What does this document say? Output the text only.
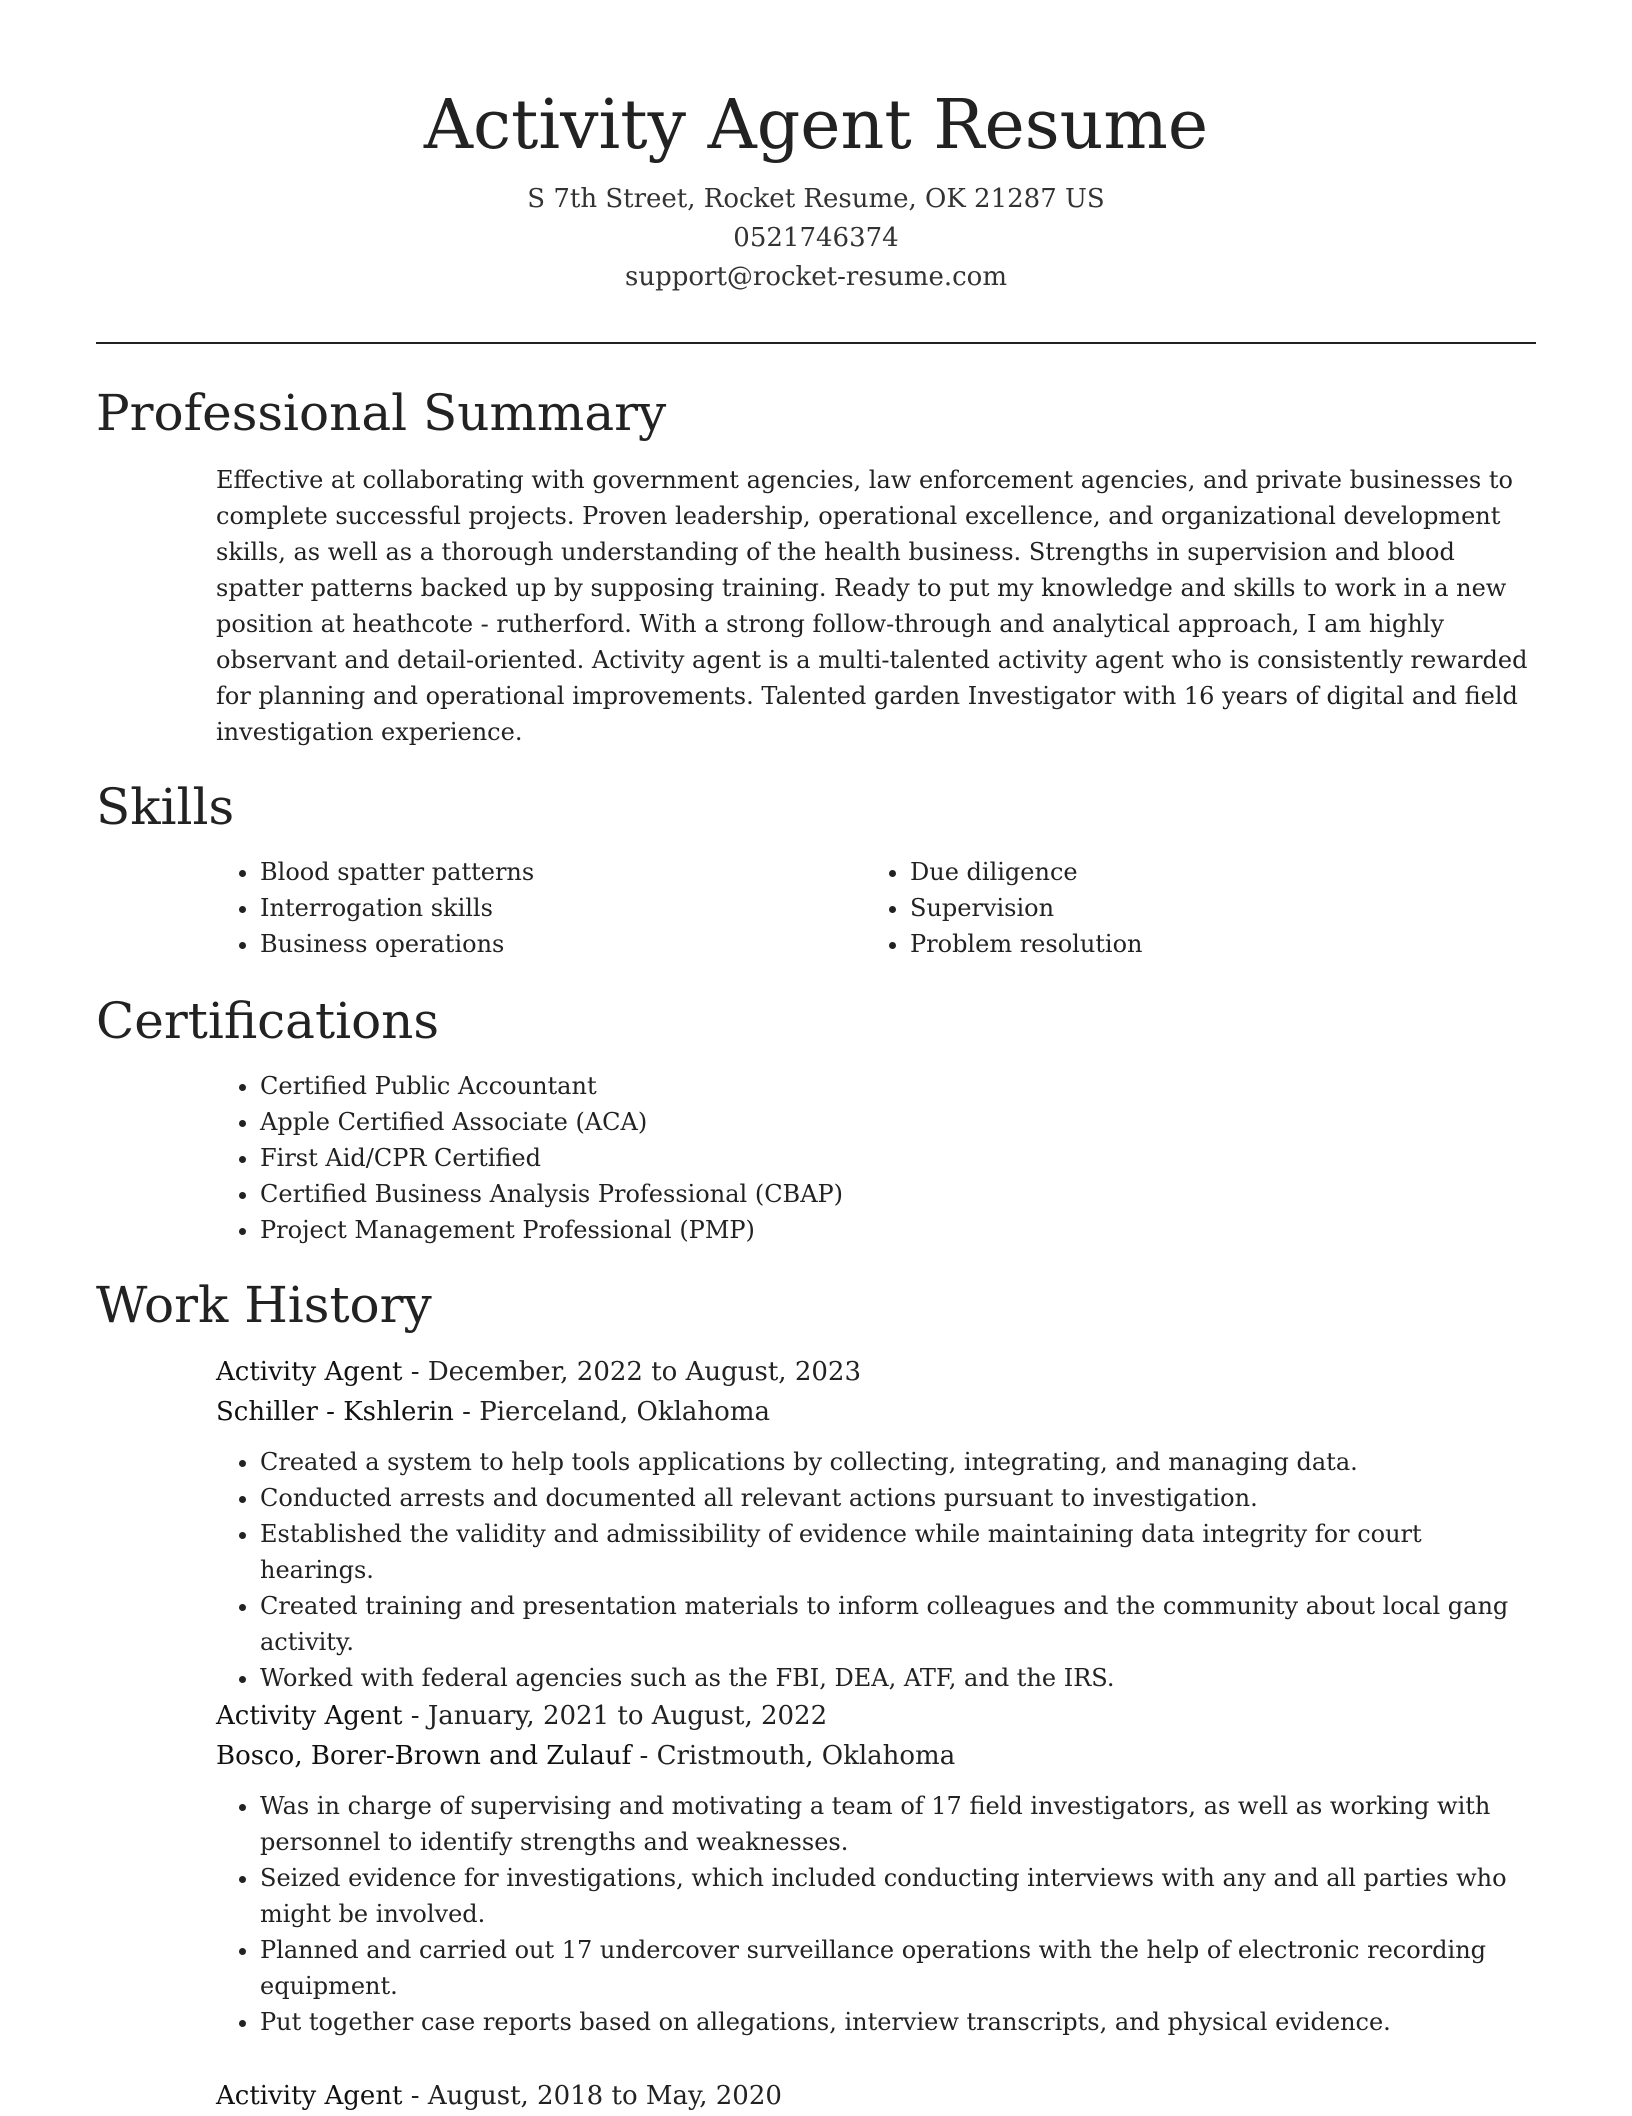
Activity Agent Resume
S 7th Street, Rocket Resume, OK 21287 US
0521746374
support@rocket-resume.com
Professional Summary

Effective at collaborating with government agencies, law enforcement agencies, and private businesses to complete successful projects. Proven leadership, operational excellence, and organizational development skills, as well as a thorough understanding of the health business. Strengths in supervision and blood spatter patterns backed up by supposing training. Ready to put my knowledge and skills to work in a new position at heathcote - rutherford. With a strong follow-through and analytical approach, I am highly observant and detail-oriented. Activity agent is a multi-talented activity agent who is consistently rewarded for planning and operational improvements. Talented garden Investigator with 16 years of digital and field investigation experience.

Skills
• Blood spatter patterns
• Interrogation skills
• Business operations
• Due diligence
• Supervision
• Problem resolution
Certifications
• Certified Public Accountant
• Apple Certified Associate (ACA)
• First Aid/CPR Certified
• Certified Business Analysis Professional (CBAP)
• Project Management Professional (PMP)
Work History
Activity Agent - December, 2022 to August, 2023
Schiller - Kshlerin - Pierceland, Oklahoma
• Created a system to help tools applications by collecting, integrating, and managing data.
• Conducted arrests and documented all relevant actions pursuant to investigation.
• Established the validity and admissibility of evidence while maintaining data integrity for court hearings.
• Created training and presentation materials to inform colleagues and the community about local gang activity.
• Worked with federal agencies such as the FBI, DEA, ATF, and the IRS.
Activity Agent - January, 2021 to August, 2022
Bosco, Borer-Brown and Zulauf - Cristmouth, Oklahoma
• Was in charge of supervising and motivating a team of 17 field investigators, as well as working with personnel to identify strengths and weaknesses.
• Seized evidence for investigations, which included conducting interviews with any and all parties who might be involved.
• Planned and carried out 17 undercover surveillance operations with the help of electronic recording equipment.
• Put together case reports based on allegations, interview transcripts, and physical evidence.
Activity Agent - August, 2018 to May, 2020
